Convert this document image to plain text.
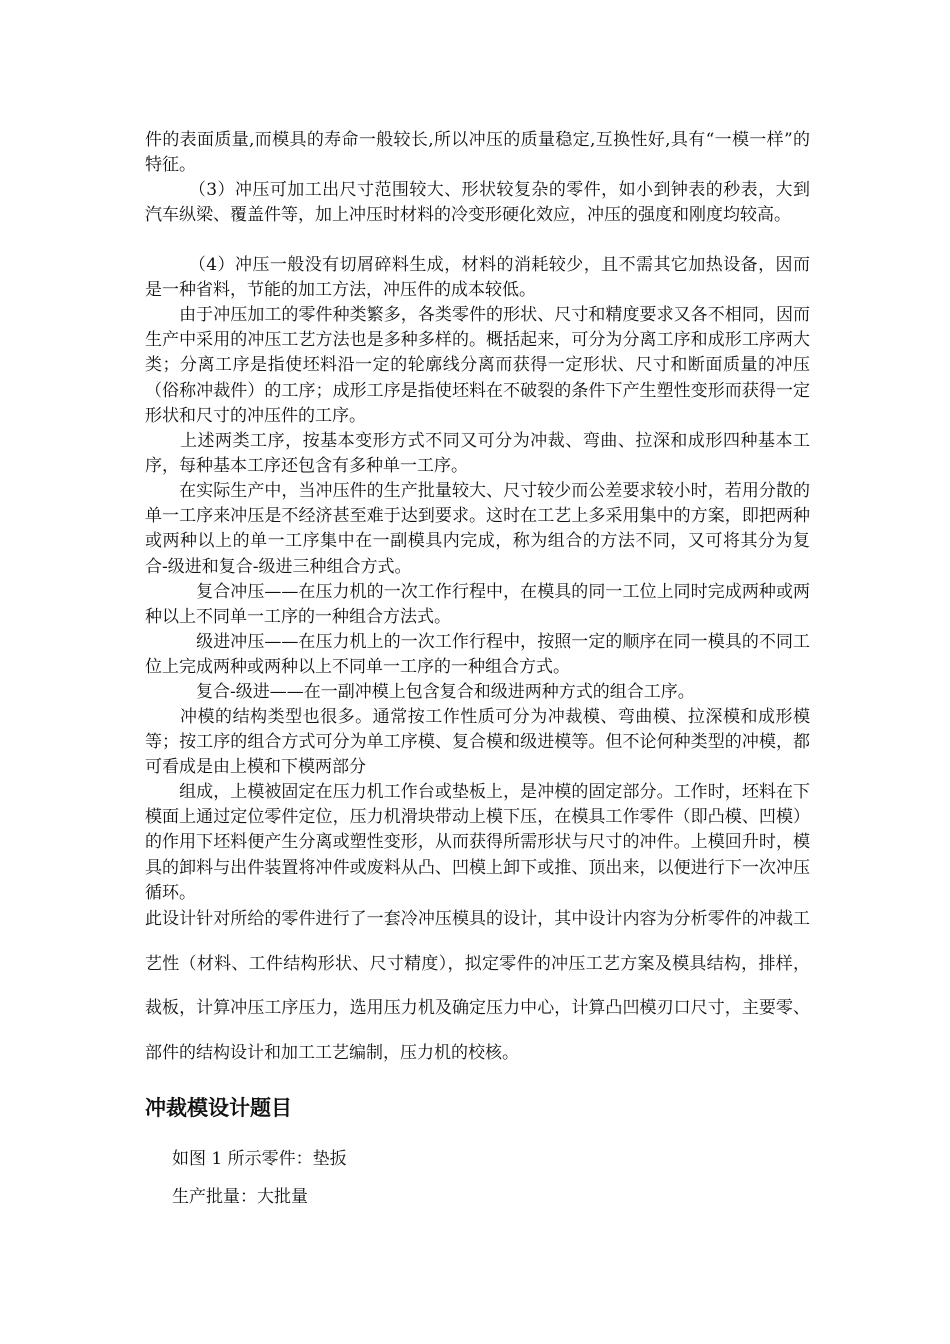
件的表面质量,而模具的寿命一般较长,所以冲压的质量稳定,互换性好,具有“一模一样”的特征。

　　　（3）冲压可加工出尺寸范围较大、形状较复杂的零件，如小到钟表的秒表，大到汽车纵梁、覆盖件等，加上冲压时材料的冷变形硬化效应，冲压的强度和刚度均较高。

　　　（4）冲压一般没有切屑碎料生成，材料的消耗较少，且不需其它加热设备，因而是一种省料，节能的加工方法，冲压件的成本较低。

　　由于冲压加工的零件种类繁多，各类零件的形状、尺寸和精度要求又各不相同，因而生产中采用的冲压工艺方法也是多种多样的。概括起来，可分为分离工序和成形工序两大类；分离工序是指使坯料沿一定的轮廓线分离而获得一定形状、尺寸和断面质量的冲压（俗称冲裁件）的工序；成形工序是指使坯料在不破裂的条件下产生塑性变形而获得一定形状和尺寸的冲压件的工序。

　　上述两类工序，按基本变形方式不同又可分为冲裁、弯曲、拉深和成形四种基本工序，每种基本工序还包含有多种单一工序。

　　在实际生产中，当冲压件的生产批量较大、尺寸较少而公差要求较小时，若用分散的单一工序来冲压是不经济甚至难于达到要求。这时在工艺上多采用集中的方案，即把两种或两种以上的单一工序集中在一副模具内完成，称为组合的方法不同，又可将其分为复合-级进和复合-级进三种组合方式。

　　　复合冲压——在压力机的一次工作行程中，在模具的同一工位上同时完成两种或两种以上不同单一工序的一种组合方法式。

　　　级进冲压——在压力机上的一次工作行程中，按照一定的顺序在同一模具的不同工位上完成两种或两种以上不同单一工序的一种组合方式。

　　　复合-级进——在一副冲模上包含复合和级进两种方式的组合工序。

　　冲模的结构类型也很多。通常按工作性质可分为冲裁模、弯曲模、拉深模和成形模等；按工序的组合方式可分为单工序模、复合模和级进模等。但不论何种类型的冲模，都可看成是由上模和下模两部分

　　组成，上模被固定在压力机工作台或垫板上，是冲模的固定部分。工作时，坯料在下模面上通过定位零件定位，压力机滑块带动上模下压，在模具工作零件（即凸模、凹模）的作用下坯料便产生分离或塑性变形，从而获得所需形状与尺寸的冲件。上模回升时，模具的卸料与出件装置将冲件或废料从凸、凹模上卸下或推、顶出来，以便进行下一次冲压循环。

此设计针对所给的零件进行了一套冷冲压模具的设计，其中设计内容为分析零件的冲裁工艺性（材料、工件结构形状、尺寸精度），拟定零件的冲压工艺方案及模具结构，排样，裁板，计算冲压工序压力，选用压力机及确定压力中心，计算凸凹模刃口尺寸，主要零、部件的结构设计和加工工艺编制，压力机的校核。

冲裁模设计题目

如图 1 所示零件：垫扳

生产批量：大批量
